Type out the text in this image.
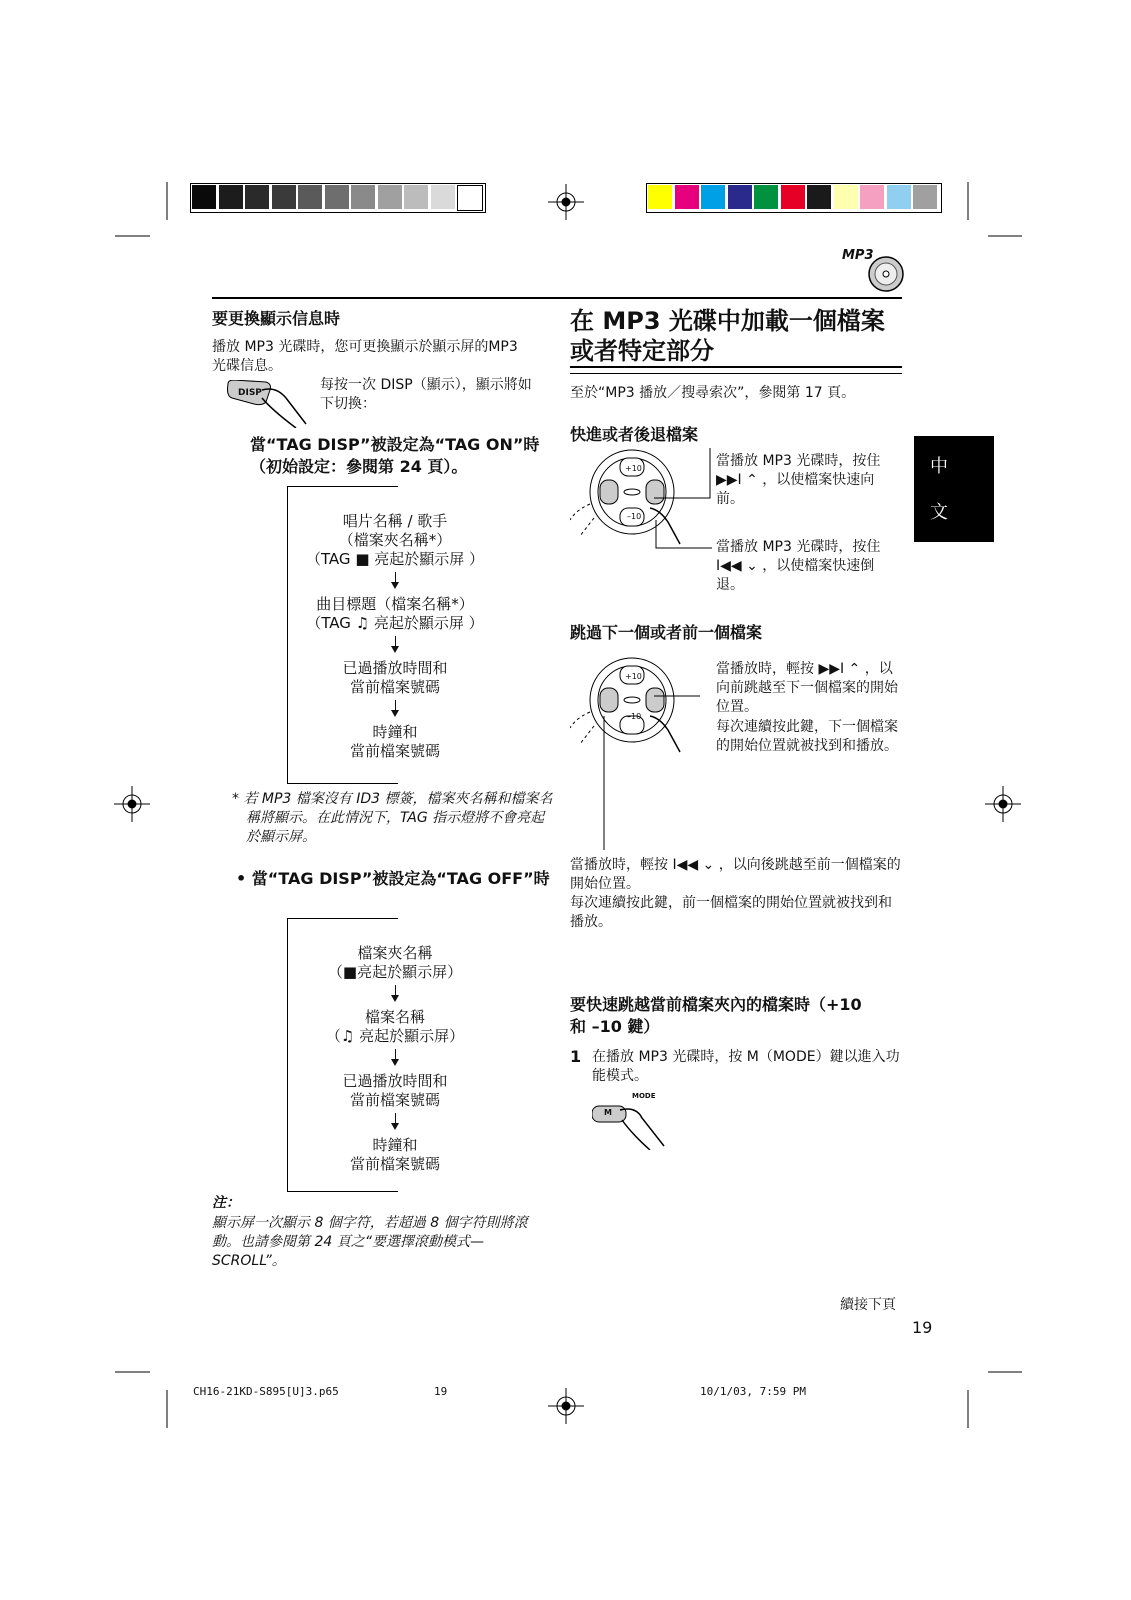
MP3
要更換顯示信息時
播放 MP3 光碟時，您可更換顯示於顯示屏的MP3 光碟信息。
DISP	每按一次 DISP（顯示），顯示將如下切換：
當“TAG DISP”被設定為“TAG ON”時（初始設定：參閱第 24 頁）。
唱片名稱 / 歌手
（檔案夾名稱*）
（TAG ■ 亮起於顯示屏 ）
曲目標題（檔案名稱*）
（TAG ♫ 亮起於顯示屏 ）
已過播放時間和
當前檔案號碼
時鐘和
當前檔案號碼
* 若 MP3 檔案沒有 ID3 標簽，檔案夾名稱和檔案名稱將顯示。在此情況下，TAG 指示燈將不會亮起於顯示屏。
• 當“TAG DISP”被設定為“TAG OFF”時
檔案夾名稱
（■亮起於顯示屏）
檔案名稱
（♫ 亮起於顯示屏）
已過播放時間和
當前檔案號碼
時鐘和
當前檔案號碼
注：
顯示屏一次顯示 8 個字符，若超過 8 個字符則將滾動。也請參閱第 24 頁之“要選擇滾動模式—SCROLL”。
在 MP3 光碟中加載一個檔案或者特定部分
至於“MP3 播放／搜尋索次”，參閱第 17 頁。
快進或者後退檔案
+10
–10
當播放 MP3 光碟時，按住 ▶▶I ⌃ ，以使檔案快速向前。
當播放 MP3 光碟時，按住 I◀◀ ⌄ ，以使檔案快速倒退。
跳過下一個或者前一個檔案
+10
–10
當播放時，輕按 ▶▶I ⌃ ，以向前跳越至下一個檔案的開始位置。
每次連續按此鍵，下一個檔案的開始位置就被找到和播放。
當播放時，輕按 I◀◀ ⌄ ，以向後跳越至前一個檔案的開始位置。
每次連續按此鍵，前一個檔案的開始位置就被找到和播放。
要快速跳越當前檔案夾內的檔案時（+10 和 –10 鍵）
1 在播放 MP3 光碟時，按 M（MODE）鍵以進入功能模式。
MODE
M
中
文
續接下頁
19
CH16-21KD-S895[U]3.p65	19	10/1/03, 7:59 PM
